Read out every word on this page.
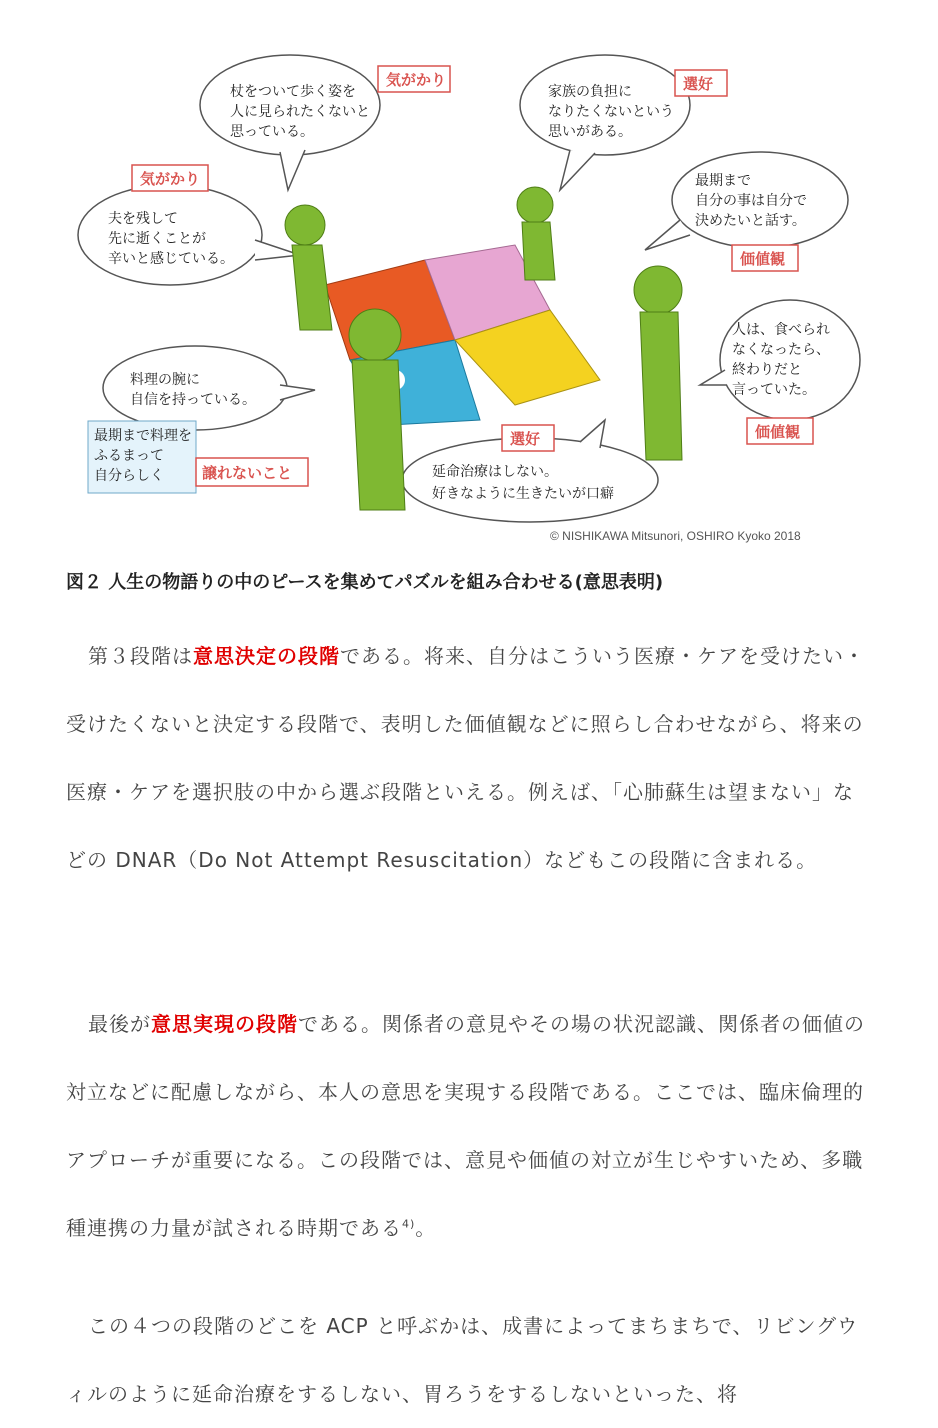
杖をついて歩く姿を 人に見られたくないと 思っている。
気がかり
家族の負担に なりたくないという 思いがある。
選好
夫を残して 先に逝くことが 辛いと感じている。
気がかり	最期まで 自分の事は自分で 決めたいと話す。
価値観
人は、食べられ なくなったら、 終わりだと 言っていた。
価値観
料理の腕に 自信を持っている。
最期まで料理を ふるまって 自分らしく	譲れないこと	延命治療はしない。 好きなように生きたいが口癖
選好
© NISHIKAWA Mitsunori, OSHIRO Kyoko 2018
図２ 人生の物語りの中のピースを集めてパズルを組み合わせる(意思表明)
第３段階は意思決定の段階である。将来、自分はこういう医療・ケアを受けたい・受けたくないと決定する段階で、表明した価値観などに照らし合わせながら、将来の医療・ケアを選択肢の中から選ぶ段階といえる。例えば、「心肺蘇生は望まない」などの DNAR（Do Not Attempt Resuscitation）などもこの段階に含まれる。
最後が意思実現の段階である。関係者の意見やその場の状況認識、関係者の価値の対立などに配慮しながら、本人の意思を実現する段階である。ここでは、臨床倫理的アプローチが重要になる。この段階では、意見や価値の対立が生じやすいため、多職種連携の力量が試される時期である$^{4)}$。
この４つの段階のどこを ACP と呼ぶかは、成書によってまちまちで、リビングウィルのように延命治療をするしない、胃ろうをするしないといった、将
